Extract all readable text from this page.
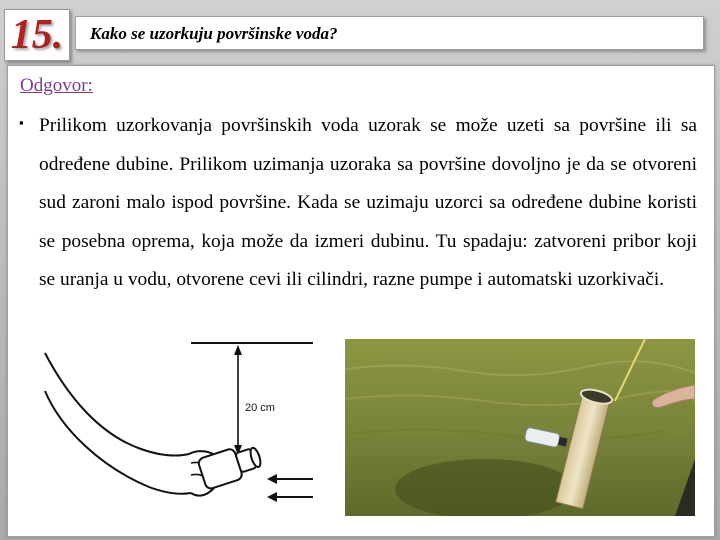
15.	Kako se uzorkuju površinske voda?
Odgovor:
▪ Prilikom uzorkovanja površinskih voda uzorak se može uzeti sa površine ili sa određene dubine. Prilikom uzimanja uzoraka sa površine dovoljno je da se otvoreni sud zaroni malo ispod površine. Kada se uzimaju uzorci sa određene dubine koristi se posebna oprema, koja može da izmeri dubinu. Tu spadaju: zatvoreni pribor koji se uranja u vodu, otvorene cevi ili cilindri, razne pumpe i automatski uzorkivači.

20 cm
